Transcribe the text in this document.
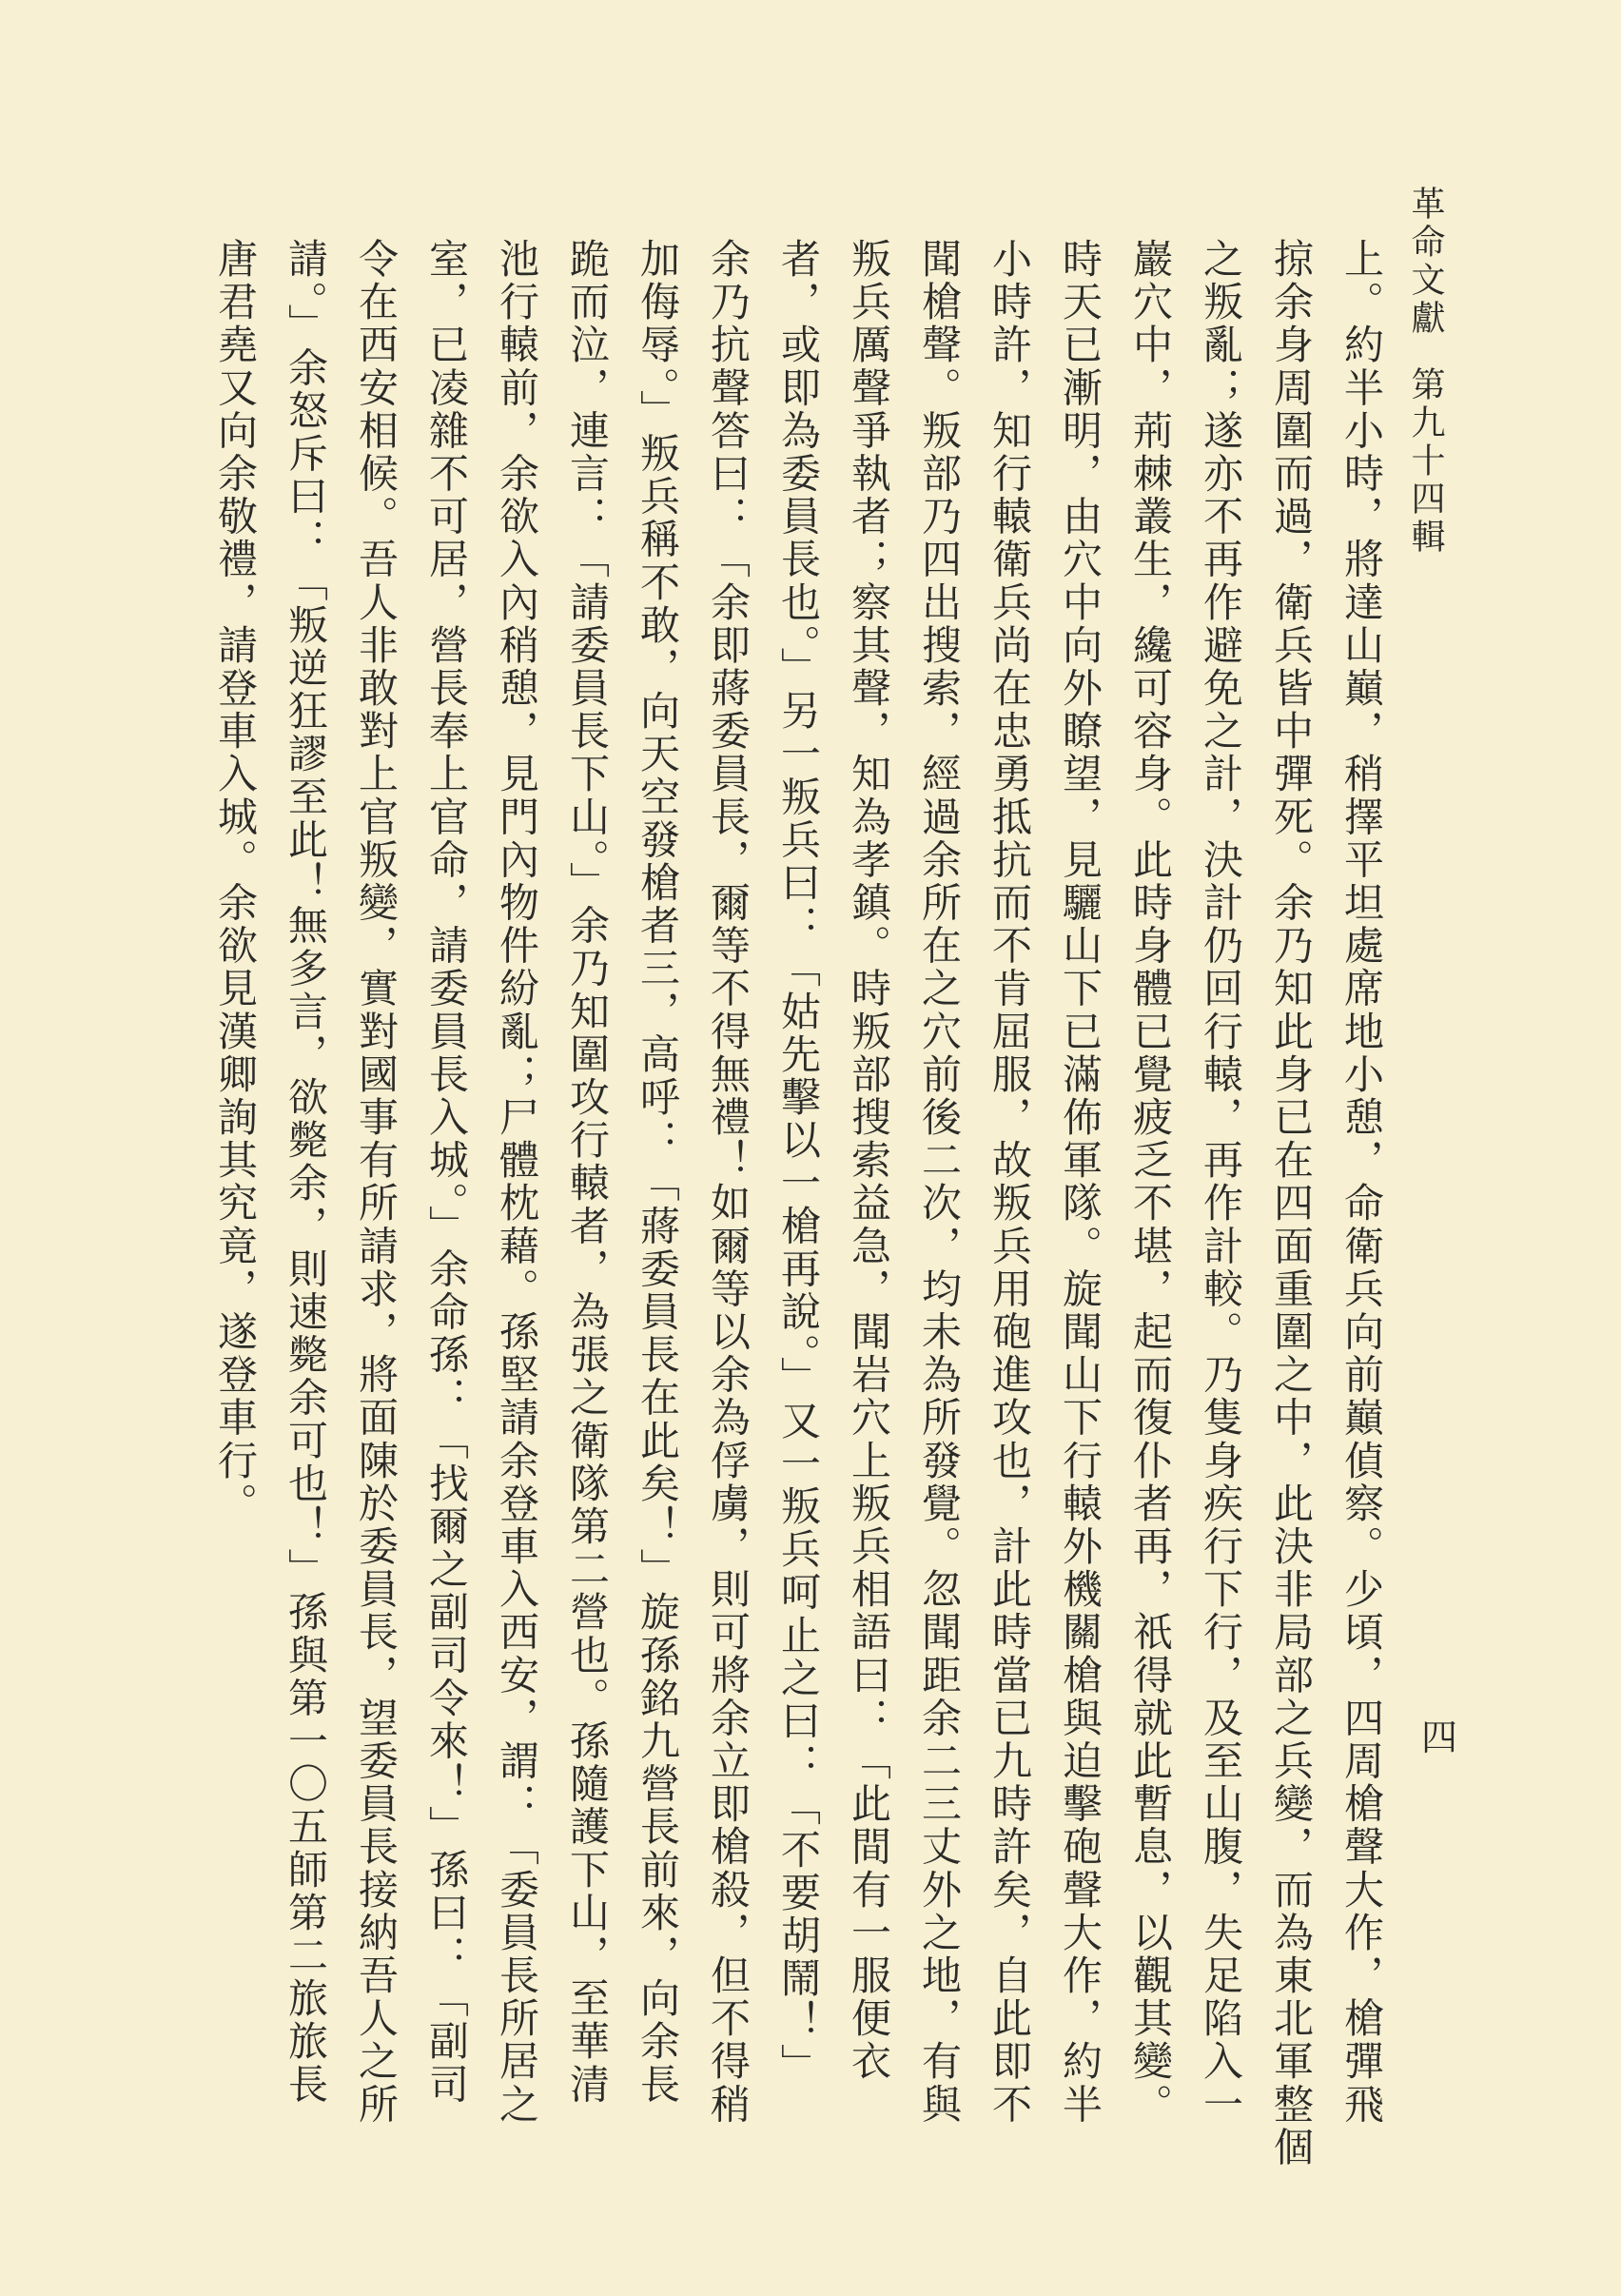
革命文獻第九十四輯
上。約半小時，將達山巔，稍擇平坦處席地小憩，命衛兵向前巔偵察。少頃，四周槍聲大作，槍彈飛
掠余身周圍而過，衛兵皆中彈死。余乃知此身已在四面重圍之中，此決非局部之兵變，而為東北軍整個
之叛亂；遂亦不再作避免之計，決計仍回行轅，再作計較。乃隻身疾行下行，及至山腹，失足陷入一
巖穴中，荊棘叢生，纔可容身。此時身體已覺疲乏不堪，起而復仆者再，祇得就此暫息，以觀其變。
時天已漸明，由穴中向外瞭望，見驪山下已滿佈軍隊。旋聞山下行轅外機關槍與迫擊砲聲大作，約半
小時許，知行轅衛兵尚在忠勇抵抗而不肯屈服，故叛兵用砲進攻也，計此時當已九時許矣，自此即不
聞槍聲。叛部乃四出搜索，經過余所在之穴前後二次，均未為所發覺。忽聞距余二三丈外之地，有與
叛兵厲聲爭執者；察其聲，知為孝鎮。時叛部搜索益急，聞岩穴上叛兵相語曰：「此間有一服便衣
者，或即為委員長也。」另一叛兵曰：「姑先擊以一槍再說。」又一叛兵呵止之曰：「不要胡鬧！」
余乃抗聲答曰：「余即蔣委員長，爾等不得無禮！如爾等以余為俘虜，則可將余立即槍殺，但不得稍
加侮辱。」叛兵稱不敢，向天空發槍者三，高呼：「蔣委員長在此矣！」旋孫銘九營長前來，向余長
跪而泣，連言：「請委員長下山。」余乃知圍攻行轅者，為張之衛隊第二營也。孫隨護下山，至華清
池行轅前，余欲入內稍憩，見門內物件紛亂；尸體枕藉。孫堅請余登車入西安，謂：「委員長所居之
室，已凌雜不可居，營長奉上官命，請委員長入城。」余命孫：「找爾之副司令來！」孫曰：「副司
令在西安相候。吾人非敢對上官叛變，實對國事有所請求，將面陳於委員長，望委員長接納吾人之所
請。」余怒斥曰：「叛逆狂謬至此！無多言，欲斃余，則速斃余可也！」孫與第一〇五師第二旅旅長
唐君堯又向余敬禮，請登車入城。余欲見漢卿詢其究竟，遂登車行。
四
